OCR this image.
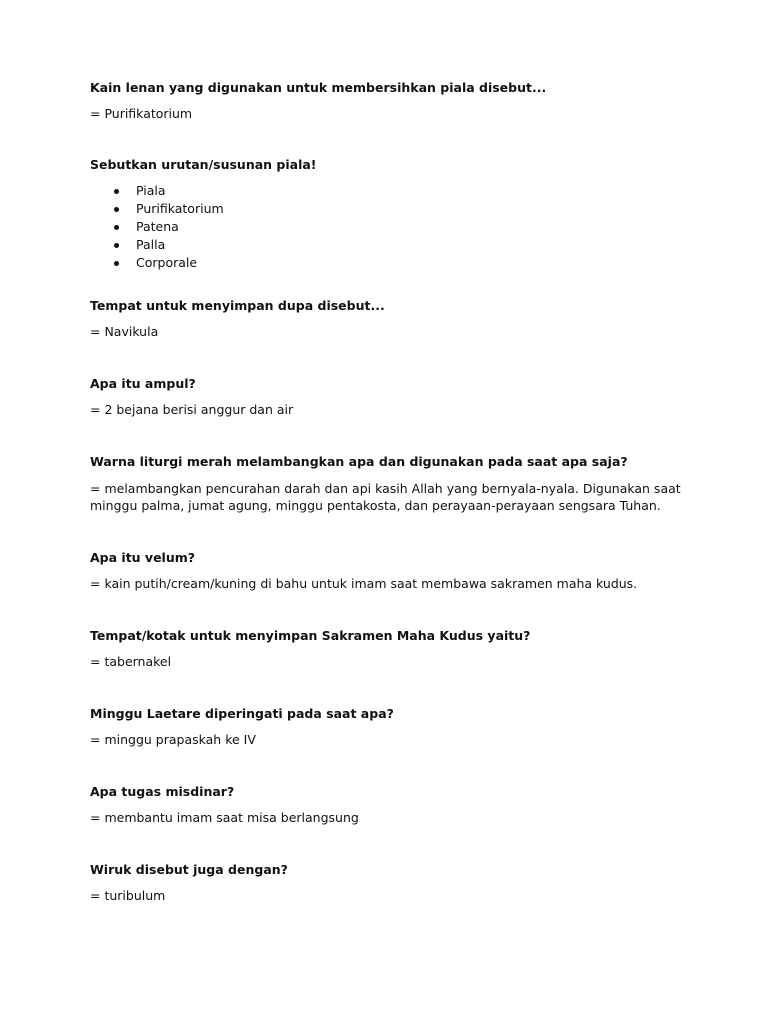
Kain lenan yang digunakan untuk membersihkan piala disebut...

= Purifikatorium

Sebutkan urutan/susunan piala!

Piala
Purifikatorium
Patena
Palla
Corporale

Tempat untuk menyimpan dupa disebut...

= Navikula

Apa itu ampul?

= 2 bejana berisi anggur dan air

Warna liturgi merah melambangkan apa dan digunakan pada saat apa saja?

= melambangkan pencurahan darah dan api kasih Allah yang bernyala-nyala. Digunakan saat minggu palma, jumat agung, minggu pentakosta, dan perayaan-perayaan sengsara Tuhan.

Apa itu velum?

= kain putih/cream/kuning di bahu untuk imam saat membawa sakramen maha kudus.

Tempat/kotak untuk menyimpan Sakramen Maha Kudus yaitu?

= tabernakel

Minggu Laetare diperingati pada saat apa?

= minggu prapaskah ke IV

Apa tugas misdinar?

= membantu imam saat misa berlangsung

Wiruk disebut juga dengan?

= turibulum
